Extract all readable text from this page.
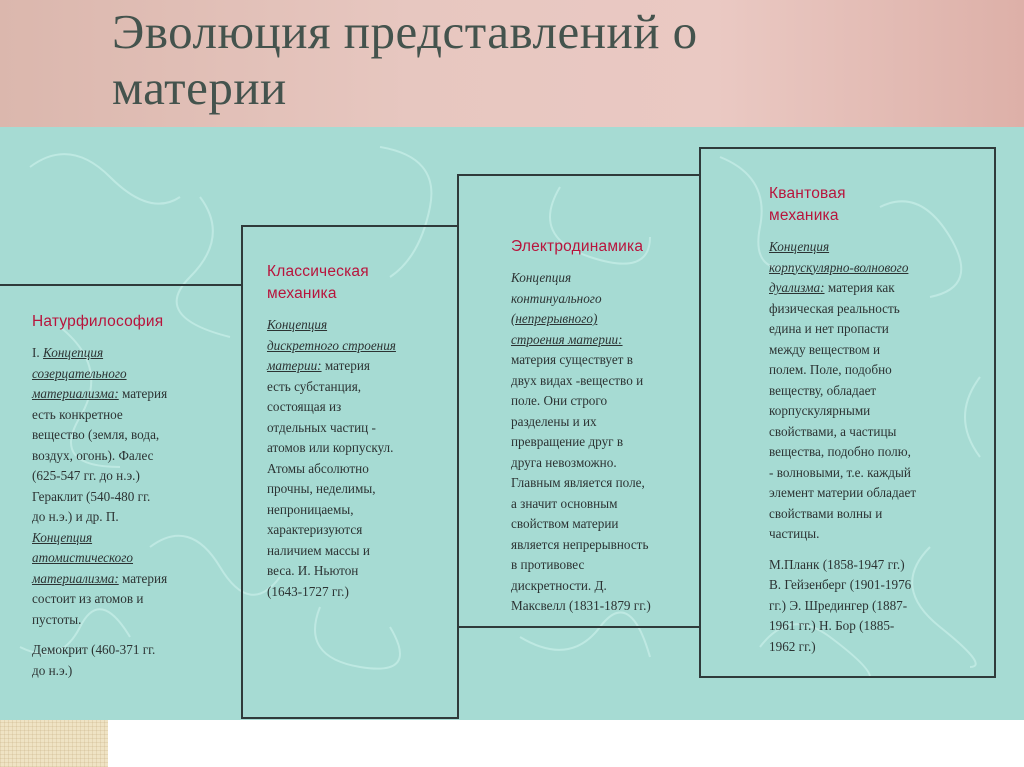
Эволюция представлений о
материи
Натурфилософия
I. Концепция
созерцательного
материализма: материя
есть конкретное
вещество (земля, вода,
воздух, огонь). Фалес
(625-547 гг. до н.э.)
Гераклит (540-480 гг.
до н.э.) и др. П.
Концепция
атомистического
материализма: материя
состоит из атомов и
пустоты.
Демокрит (460-371 гг.
до н.э.)
Классическая
механика
Концепция
дискретного строения
материи: материя
есть субстанция,
состоящая из
отдельных частиц -
атомов или корпускул.
Атомы абсолютно
прочны, неделимы,
непроницаемы,
характеризуются
наличием массы и
веса. И. Ньютон
(1643-1727 гг.)
Электродинамика
Концепция
континуального
(непрерывного)
строения материи:
материя существует в
двух видах -вещество и
поле. Они строго
разделены и их
превращение друг в
друга невозможно.
Главным является поле,
а значит основным
свойством материи
является непрерывность
в противовес
дискретности. Д.
Максвелл (1831-1879 гг.)
Квантовая
механика
Концепция
корпускулярно-волнового
дуализма: материя как
физическая реальность
едина и нет пропасти
между веществом и
полем. Поле, подобно
веществу, обладает
корпускулярными
свойствами, а частицы
вещества, подобно полю,
- волновыми, т.е. каждый
элемент материи обладает
свойствами волны и
частицы.
М.Планк (1858-1947 гг.)
В. Гейзенберг (1901-1976
гг.) Э. Шредингер (1887-
1961 гг.) Н. Бор (1885-
1962 гг.)
